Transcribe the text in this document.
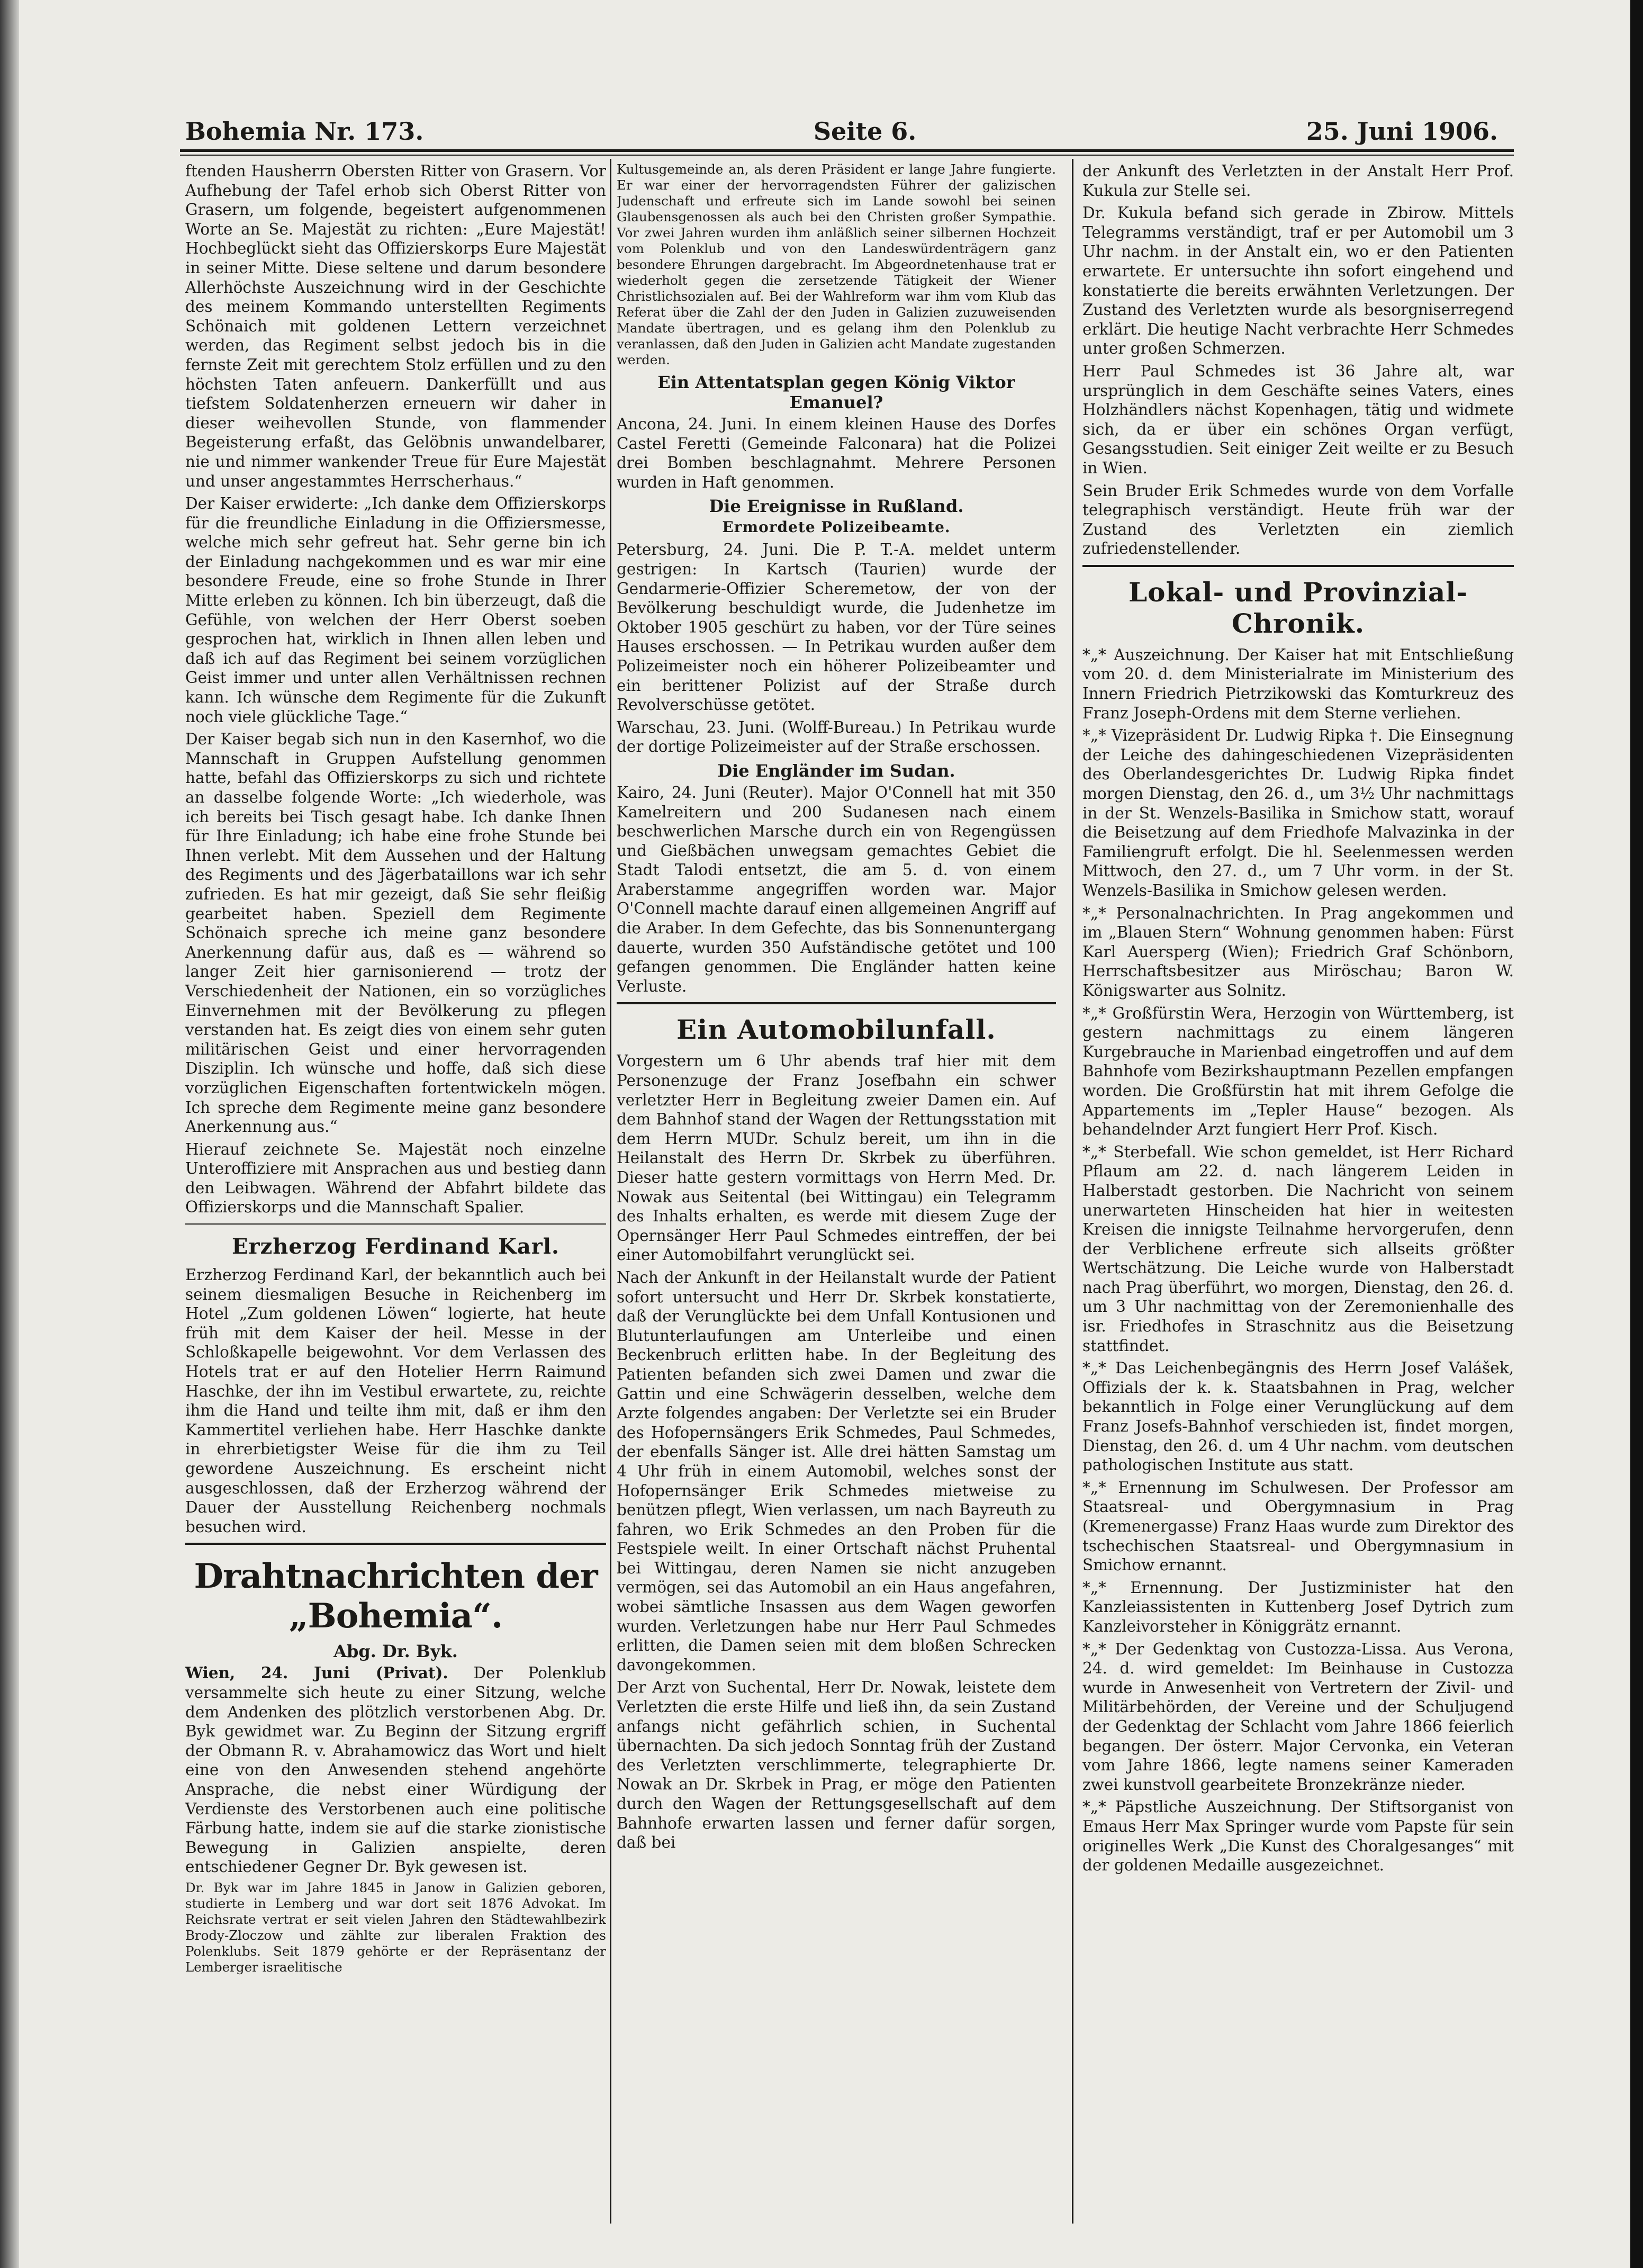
Bohemia Nr. 173.	Seite 6.	25. Juni 1906.

ftenden Hausherrn Obersten Ritter von Grasern. Vor Aufhebung der Tafel erhob sich Oberst Ritter von Grasern, um folgende, begeistert aufgenommenen Worte an Se. Majestät zu richten: „Eure Majestät! Hochbeglückt sieht das Offizierskorps Eure Majestät in seiner Mitte. Diese seltene und darum besondere Allerhöchste Auszeichnung wird in der Geschichte des meinem Kommando unterstellten Regiments Schönaich mit goldenen Lettern verzeichnet werden, das Regiment selbst jedoch bis in die fernste Zeit mit gerechtem Stolz erfüllen und zu den höchsten Taten anfeuern. Dankerfüllt und aus tiefstem Soldatenherzen erneuern wir daher in dieser weihevollen Stunde, von flammender Begeisterung erfaßt, das Gelöbnis unwandelbarer, nie und nimmer wankender Treue für Eure Majestät und unser angestammtes Herrscherhaus.“

Der Kaiser erwiderte: „Ich danke dem Offizierskorps für die freundliche Einladung in die Offiziersmesse, welche mich sehr gefreut hat. Sehr gerne bin ich der Einladung nachgekommen und es war mir eine besondere Freude, eine so frohe Stunde in Ihrer Mitte erleben zu können. Ich bin überzeugt, daß die Gefühle, von welchen der Herr Oberst soeben gesprochen hat, wirklich in Ihnen allen leben und daß ich auf das Regiment bei seinem vorzüglichen Geist immer und unter allen Verhältnissen rechnen kann. Ich wünsche dem Regimente für die Zukunft noch viele glückliche Tage.“

Der Kaiser begab sich nun in den Kasernhof, wo die Mannschaft in Gruppen Aufstellung genommen hatte, befahl das Offizierskorps zu sich und richtete an dasselbe folgende Worte: „Ich wiederhole, was ich bereits bei Tisch gesagt habe. Ich danke Ihnen für Ihre Einladung; ich habe eine frohe Stunde bei Ihnen verlebt. Mit dem Aussehen und der Haltung des Regiments und des Jägerbataillons war ich sehr zufrieden. Es hat mir gezeigt, daß Sie sehr fleißig gearbeitet haben. Speziell dem Regimente Schönaich spreche ich meine ganz besondere Anerkennung dafür aus, daß es — während so langer Zeit hier garnisonierend — trotz der Verschiedenheit der Nationen, ein so vorzügliches Einvernehmen mit der Bevölkerung zu pflegen verstanden hat. Es zeigt dies von einem sehr guten militärischen Geist und einer hervorragenden Disziplin. Ich wünsche und hoffe, daß sich diese vorzüglichen Eigenschaften fortentwickeln mögen. Ich spreche dem Regimente meine ganz besondere Anerkennung aus.“

Hierauf zeichnete Se. Majestät noch einzelne Unteroffiziere mit Ansprachen aus und bestieg dann den Leibwagen. Während der Abfahrt bildete das Offizierskorps und die Mannschaft Spalier.

Erzherzog Ferdinand Karl.

Erzherzog Ferdinand Karl, der bekanntlich auch bei seinem diesmaligen Besuche in Reichenberg im Hotel „Zum goldenen Löwen“ logierte, hat heute früh mit dem Kaiser der heil. Messe in der Schloßkapelle beigewohnt. Vor dem Verlassen des Hotels trat er auf den Hotelier Herrn Raimund Haschke, der ihn im Vestibul erwartete, zu, reichte ihm die Hand und teilte ihm mit, daß er ihm den Kammertitel verliehen habe. Herr Haschke dankte in ehrerbietigster Weise für die ihm zu Teil gewordene Auszeichnung. Es erscheint nicht ausgeschlossen, daß der Erzherzog während der Dauer der Ausstellung Reichenberg nochmals besuchen wird.

Drahtnachrichten der „Bohemia“.
Abg. Dr. Byk.

Wien, 24. Juni (Privat). Der Polenklub versammelte sich heute zu einer Sitzung, welche dem Andenken des plötzlich verstorbenen Abg. Dr. Byk gewidmet war. Zu Beginn der Sitzung ergriff der Obmann R. v. Abrahamowicz das Wort und hielt eine von den Anwesenden stehend angehörte Ansprache, die nebst einer Würdigung der Verdienste des Verstorbenen auch eine politische Färbung hatte, indem sie auf die starke zionistische Bewegung in Galizien anspielte, deren entschiedener Gegner Dr. Byk gewesen ist.

Dr. Byk war im Jahre 1845 in Janow in Galizien geboren, studierte in Lemberg und war dort seit 1876 Advokat. Im Reichsrate vertrat er seit vielen Jahren den Städtewahlbezirk Brody-Zloczow und zählte zur liberalen Fraktion des Polenklubs. Seit 1879 gehörte er der Repräsentanz der Lemberger israelitische

Kultusgemeinde an, als deren Präsident er lange Jahre fungierte. Er war einer der hervorragendsten Führer der galizischen Judenschaft und erfreute sich im Lande sowohl bei seinen Glaubensgenossen als auch bei den Christen großer Sympathie. Vor zwei Jahren wurden ihm anläßlich seiner silbernen Hochzeit vom Polenklub und von den Landeswürdenträgern ganz besondere Ehrungen dargebracht. Im Abgeordnetenhause trat er wiederholt gegen die zersetzende Tätigkeit der Wiener Christlichsozialen auf. Bei der Wahlreform war ihm vom Klub das Referat über die Zahl der den Juden in Galizien zuzuweisenden Mandate übertragen, und es gelang ihm den Polenklub zu veranlassen, daß den Juden in Galizien acht Mandate zugestanden werden.

Ein Attentatsplan gegen König Viktor Emanuel?

Ancona, 24. Juni. In einem kleinen Hause des Dorfes Castel Feretti (Gemeinde Falconara) hat die Polizei drei Bomben beschlagnahmt. Mehrere Personen wurden in Haft genommen.

Die Ereignisse in Rußland.
Ermordete Polizeibeamte.

Petersburg, 24. Juni. Die P. T.-A. meldet unterm gestrigen: In Kartsch (Taurien) wurde der Gendarmerie-Offizier Scheremetow, der von der Bevölkerung beschuldigt wurde, die Judenhetze im Oktober 1905 geschürt zu haben, vor der Türe seines Hauses erschossen. — In Petrikau wurden außer dem Polizeimeister noch ein höherer Polizeibeamter und ein berittener Polizist auf der Straße durch Revolverschüsse getötet.

Warschau, 23. Juni. (Wolff-Bureau.) In Petrikau wurde der dortige Polizeimeister auf der Straße erschossen.

Die Engländer im Sudan.

Kairo, 24. Juni (Reuter). Major O'Connell hat mit 350 Kamelreitern und 200 Sudanesen nach einem beschwerlichen Marsche durch ein von Regengüssen und Gießbächen unwegsam gemachtes Gebiet die Stadt Talodi entsetzt, die am 5. d. von einem Araberstamme angegriffen worden war. Major O'Connell machte darauf einen allgemeinen Angriff auf die Araber. In dem Gefechte, das bis Sonnenuntergang dauerte, wurden 350 Aufständische getötet und 100 gefangen genommen. Die Engländer hatten keine Verluste.

Ein Automobilunfall.

Vorgestern um 6 Uhr abends traf hier mit dem Personenzuge der Franz Josefbahn ein schwer verletzter Herr in Begleitung zweier Damen ein. Auf dem Bahnhof stand der Wagen der Rettungsstation mit dem Herrn MUDr. Schulz bereit, um ihn in die Heilanstalt des Herrn Dr. Skrbek zu überführen. Dieser hatte gestern vormittags von Herrn Med. Dr. Nowak aus Seitental (bei Wittingau) ein Telegramm des Inhalts erhalten, es werde mit diesem Zuge der Opernsänger Herr Paul Schmedes eintreffen, der bei einer Automobilfahrt verunglückt sei.

Nach der Ankunft in der Heilanstalt wurde der Patient sofort untersucht und Herr Dr. Skrbek konstatierte, daß der Verunglückte bei dem Unfall Kontusionen und Blutunterlaufungen am Unterleibe und einen Beckenbruch erlitten habe. In der Begleitung des Patienten befanden sich zwei Damen und zwar die Gattin und eine Schwägerin desselben, welche dem Arzte folgendes angaben: Der Verletzte sei ein Bruder des Hofopernsängers Erik Schmedes, Paul Schmedes, der ebenfalls Sänger ist. Alle drei hätten Samstag um 4 Uhr früh in einem Automobil, welches sonst der Hofopernsänger Erik Schmedes mietweise zu benützen pflegt, Wien verlassen, um nach Bayreuth zu fahren, wo Erik Schmedes an den Proben für die Festspiele weilt. In einer Ortschaft nächst Pruhental bei Wittingau, deren Namen sie nicht anzugeben vermögen, sei das Automobil an ein Haus angefahren, wobei sämtliche Insassen aus dem Wagen geworfen wurden. Verletzungen habe nur Herr Paul Schmedes erlitten, die Damen seien mit dem bloßen Schrecken davongekommen.

Der Arzt von Suchental, Herr Dr. Nowak, leistete dem Verletzten die erste Hilfe und ließ ihn, da sein Zustand anfangs nicht gefährlich schien, in Suchental übernachten. Da sich jedoch Sonntag früh der Zustand des Verletzten verschlimmerte, telegraphierte Dr. Nowak an Dr. Skrbek in Prag, er möge den Patienten durch den Wagen der Rettungsgesellschaft auf dem Bahnhofe erwarten lassen und ferner dafür sorgen, daß bei

der Ankunft des Verletzten in der Anstalt Herr Prof. Kukula zur Stelle sei.

Dr. Kukula befand sich gerade in Zbirow. Mittels Telegramms verständigt, traf er per Automobil um 3 Uhr nachm. in der Anstalt ein, wo er den Patienten erwartete. Er untersuchte ihn sofort eingehend und konstatierte die bereits erwähnten Verletzungen. Der Zustand des Verletzten wurde als besorgniserregend erklärt. Die heutige Nacht verbrachte Herr Schmedes unter großen Schmerzen.

Herr Paul Schmedes ist 36 Jahre alt, war ursprünglich in dem Geschäfte seines Vaters, eines Holzhändlers nächst Kopenhagen, tätig und widmete sich, da er über ein schönes Organ verfügt, Gesangsstudien. Seit einiger Zeit weilte er zu Besuch in Wien.

Sein Bruder Erik Schmedes wurde von dem Vorfalle telegraphisch verständigt. Heute früh war der Zustand des Verletzten ein ziemlich zufriedenstellender.

Lokal- und Provinzial-Chronik.

*„* Auszeichnung. Der Kaiser hat mit Entschließung vom 20. d. dem Ministerialrate im Ministerium des Innern Friedrich Pietrzikowski das Komturkreuz des Franz Joseph-Ordens mit dem Sterne verliehen.

*„* Vizepräsident Dr. Ludwig Ripka †. Die Einsegnung der Leiche des dahingeschiedenen Vizepräsidenten des Oberlandesgerichtes Dr. Ludwig Ripka findet morgen Dienstag, den 26. d., um 3½ Uhr nachmittags in der St. Wenzels-Basilika in Smichow statt, worauf die Beisetzung auf dem Friedhofe Malvazinka in der Familiengruft erfolgt. Die hl. Seelenmessen werden Mittwoch, den 27. d., um 7 Uhr vorm. in der St. Wenzels-Basilika in Smichow gelesen werden.

*„* Personalnachrichten. In Prag angekommen und im „Blauen Stern“ Wohnung genommen haben: Fürst Karl Auersperg (Wien); Friedrich Graf Schönborn, Herrschaftsbesitzer aus Miröschau; Baron W. Königswarter aus Solnitz.

*„* Großfürstin Wera, Herzogin von Württemberg, ist gestern nachmittags zu einem längeren Kurgebrauche in Marienbad eingetroffen und auf dem Bahnhofe vom Bezirkshauptmann Pezellen empfangen worden. Die Großfürstin hat mit ihrem Gefolge die Appartements im „Tepler Hause“ bezogen. Als behandelnder Arzt fungiert Herr Prof. Kisch.

*„* Sterbefall. Wie schon gemeldet, ist Herr Richard Pflaum am 22. d. nach längerem Leiden in Halberstadt gestorben. Die Nachricht von seinem unerwarteten Hinscheiden hat hier in weitesten Kreisen die innigste Teilnahme hervorgerufen, denn der Verblichene erfreute sich allseits größter Wertschätzung. Die Leiche wurde von Halberstadt nach Prag überführt, wo morgen, Dienstag, den 26. d. um 3 Uhr nachmittag von der Zeremonienhalle des isr. Friedhofes in Straschnitz aus die Beisetzung stattfindet.

*„* Das Leichenbegängnis des Herrn Josef Valášek, Offizials der k. k. Staatsbahnen in Prag, welcher bekanntlich in Folge einer Verunglückung auf dem Franz Josefs-Bahnhof verschieden ist, findet morgen, Dienstag, den 26. d. um 4 Uhr nachm. vom deutschen pathologischen Institute aus statt.

*„* Ernennung im Schulwesen. Der Professor am Staatsreal- und Obergymnasium in Prag (Kremenergasse) Franz Haas wurde zum Direktor des tschechischen Staatsreal- und Obergymnasium in Smichow ernannt.

*„* Ernennung. Der Justizminister hat den Kanzleiassistenten in Kuttenberg Josef Dytrich zum Kanzleivorsteher in Königgrätz ernannt.

*„* Der Gedenktag von Custozza-Lissa. Aus Verona, 24. d. wird gemeldet: Im Beinhause in Custozza wurde in Anwesenheit von Vertretern der Zivil- und Militärbehörden, der Vereine und der Schuljugend der Gedenktag der Schlacht vom Jahre 1866 feierlich begangen. Der österr. Major Cervonka, ein Veteran vom Jahre 1866, legte namens seiner Kameraden zwei kunstvoll gearbeitete Bronzekränze nieder.

*„* Päpstliche Auszeichnung. Der Stiftsorganist von Emaus Herr Max Springer wurde vom Papste für sein originelles Werk „Die Kunst des Choralgesanges“ mit der goldenen Medaille ausgezeichnet.
